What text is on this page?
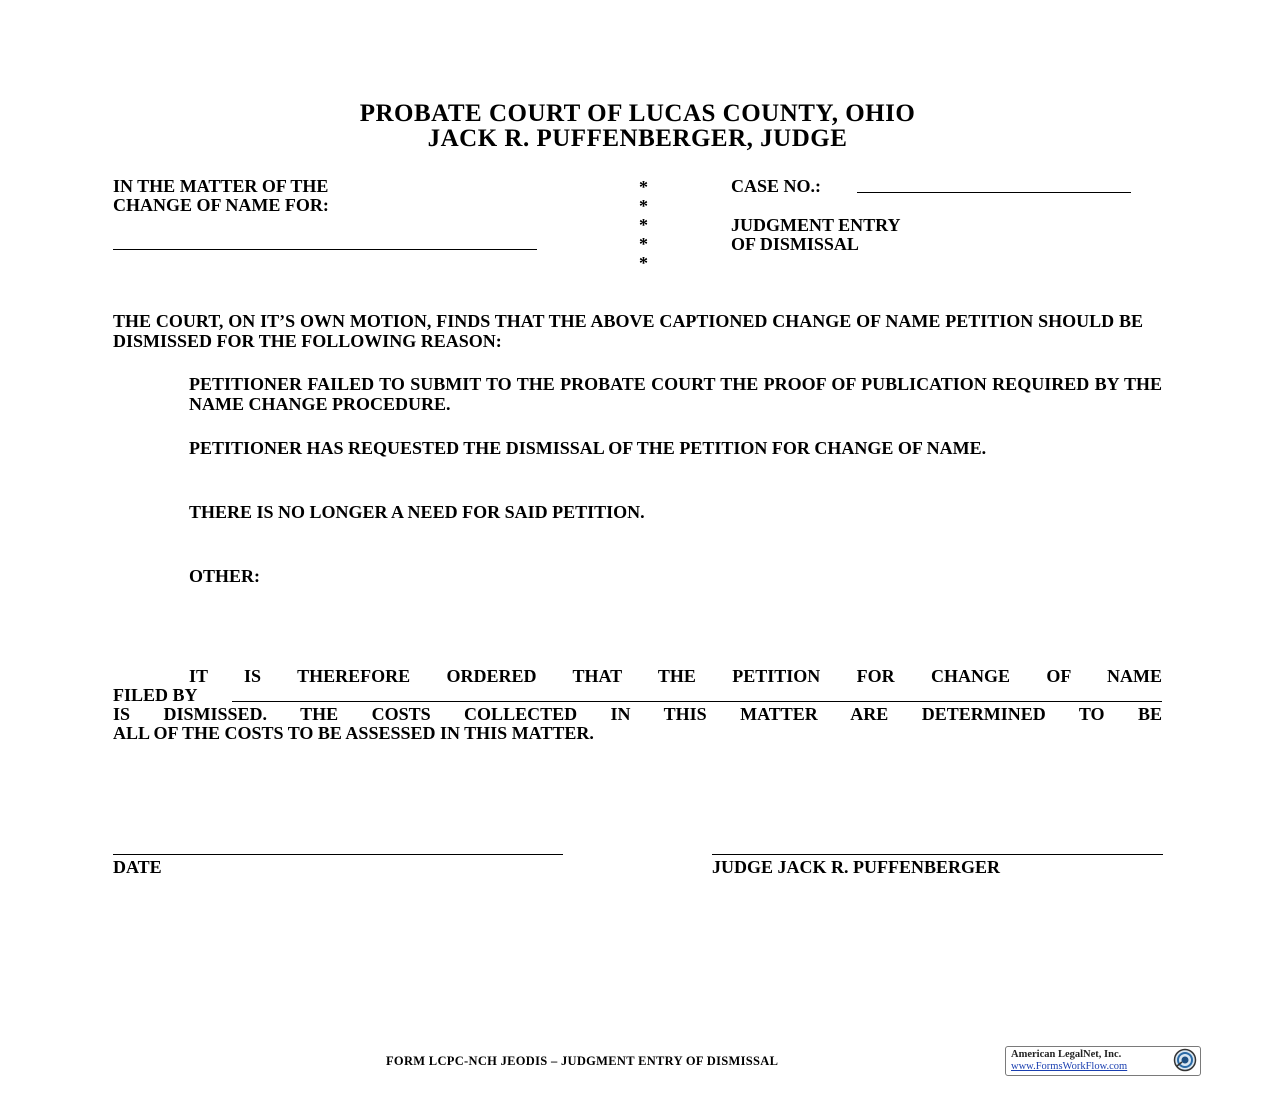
PROBATE COURT OF LUCAS COUNTY, OHIO
JACK R. PUFFENBERGER, JUDGE
IN THE MATTER OF THE
CHANGE OF NAME FOR:
*
*
*
*
*
CASE NO.:
JUDGMENT ENTRY
OF DISMISSAL
THE COURT, ON IT’S OWN MOTION, FINDS THAT THE ABOVE CAPTIONED CHANGE OF NAME PETITION SHOULD BE DISMISSED FOR THE FOLLOWING REASON:
PETITIONER FAILED TO SUBMIT TO THE PROBATE COURT THE PROOF OF PUBLICATION REQUIRED BY THE NAME CHANGE PROCEDURE.
PETITIONER HAS REQUESTED THE DISMISSAL OF THE PETITION FOR CHANGE OF NAME.
THERE IS NO LONGER A NEED FOR SAID PETITION.
OTHER:
IT IS THEREFORE ORDERED THAT THE PETITION FOR CHANGE OF NAME
FILED BY
IS DISMISSED. THE COSTS COLLECTED IN THIS MATTER ARE DETERMINED TO BE
ALL OF THE COSTS TO BE ASSESSED IN THIS MATTER.
DATE	JUDGE JACK R. PUFFENBERGER
FORM LCPC-NCH JEODIS – JUDGMENT ENTRY OF DISMISSAL	American LegalNet, Inc.
www.FormsWorkFlow.com
